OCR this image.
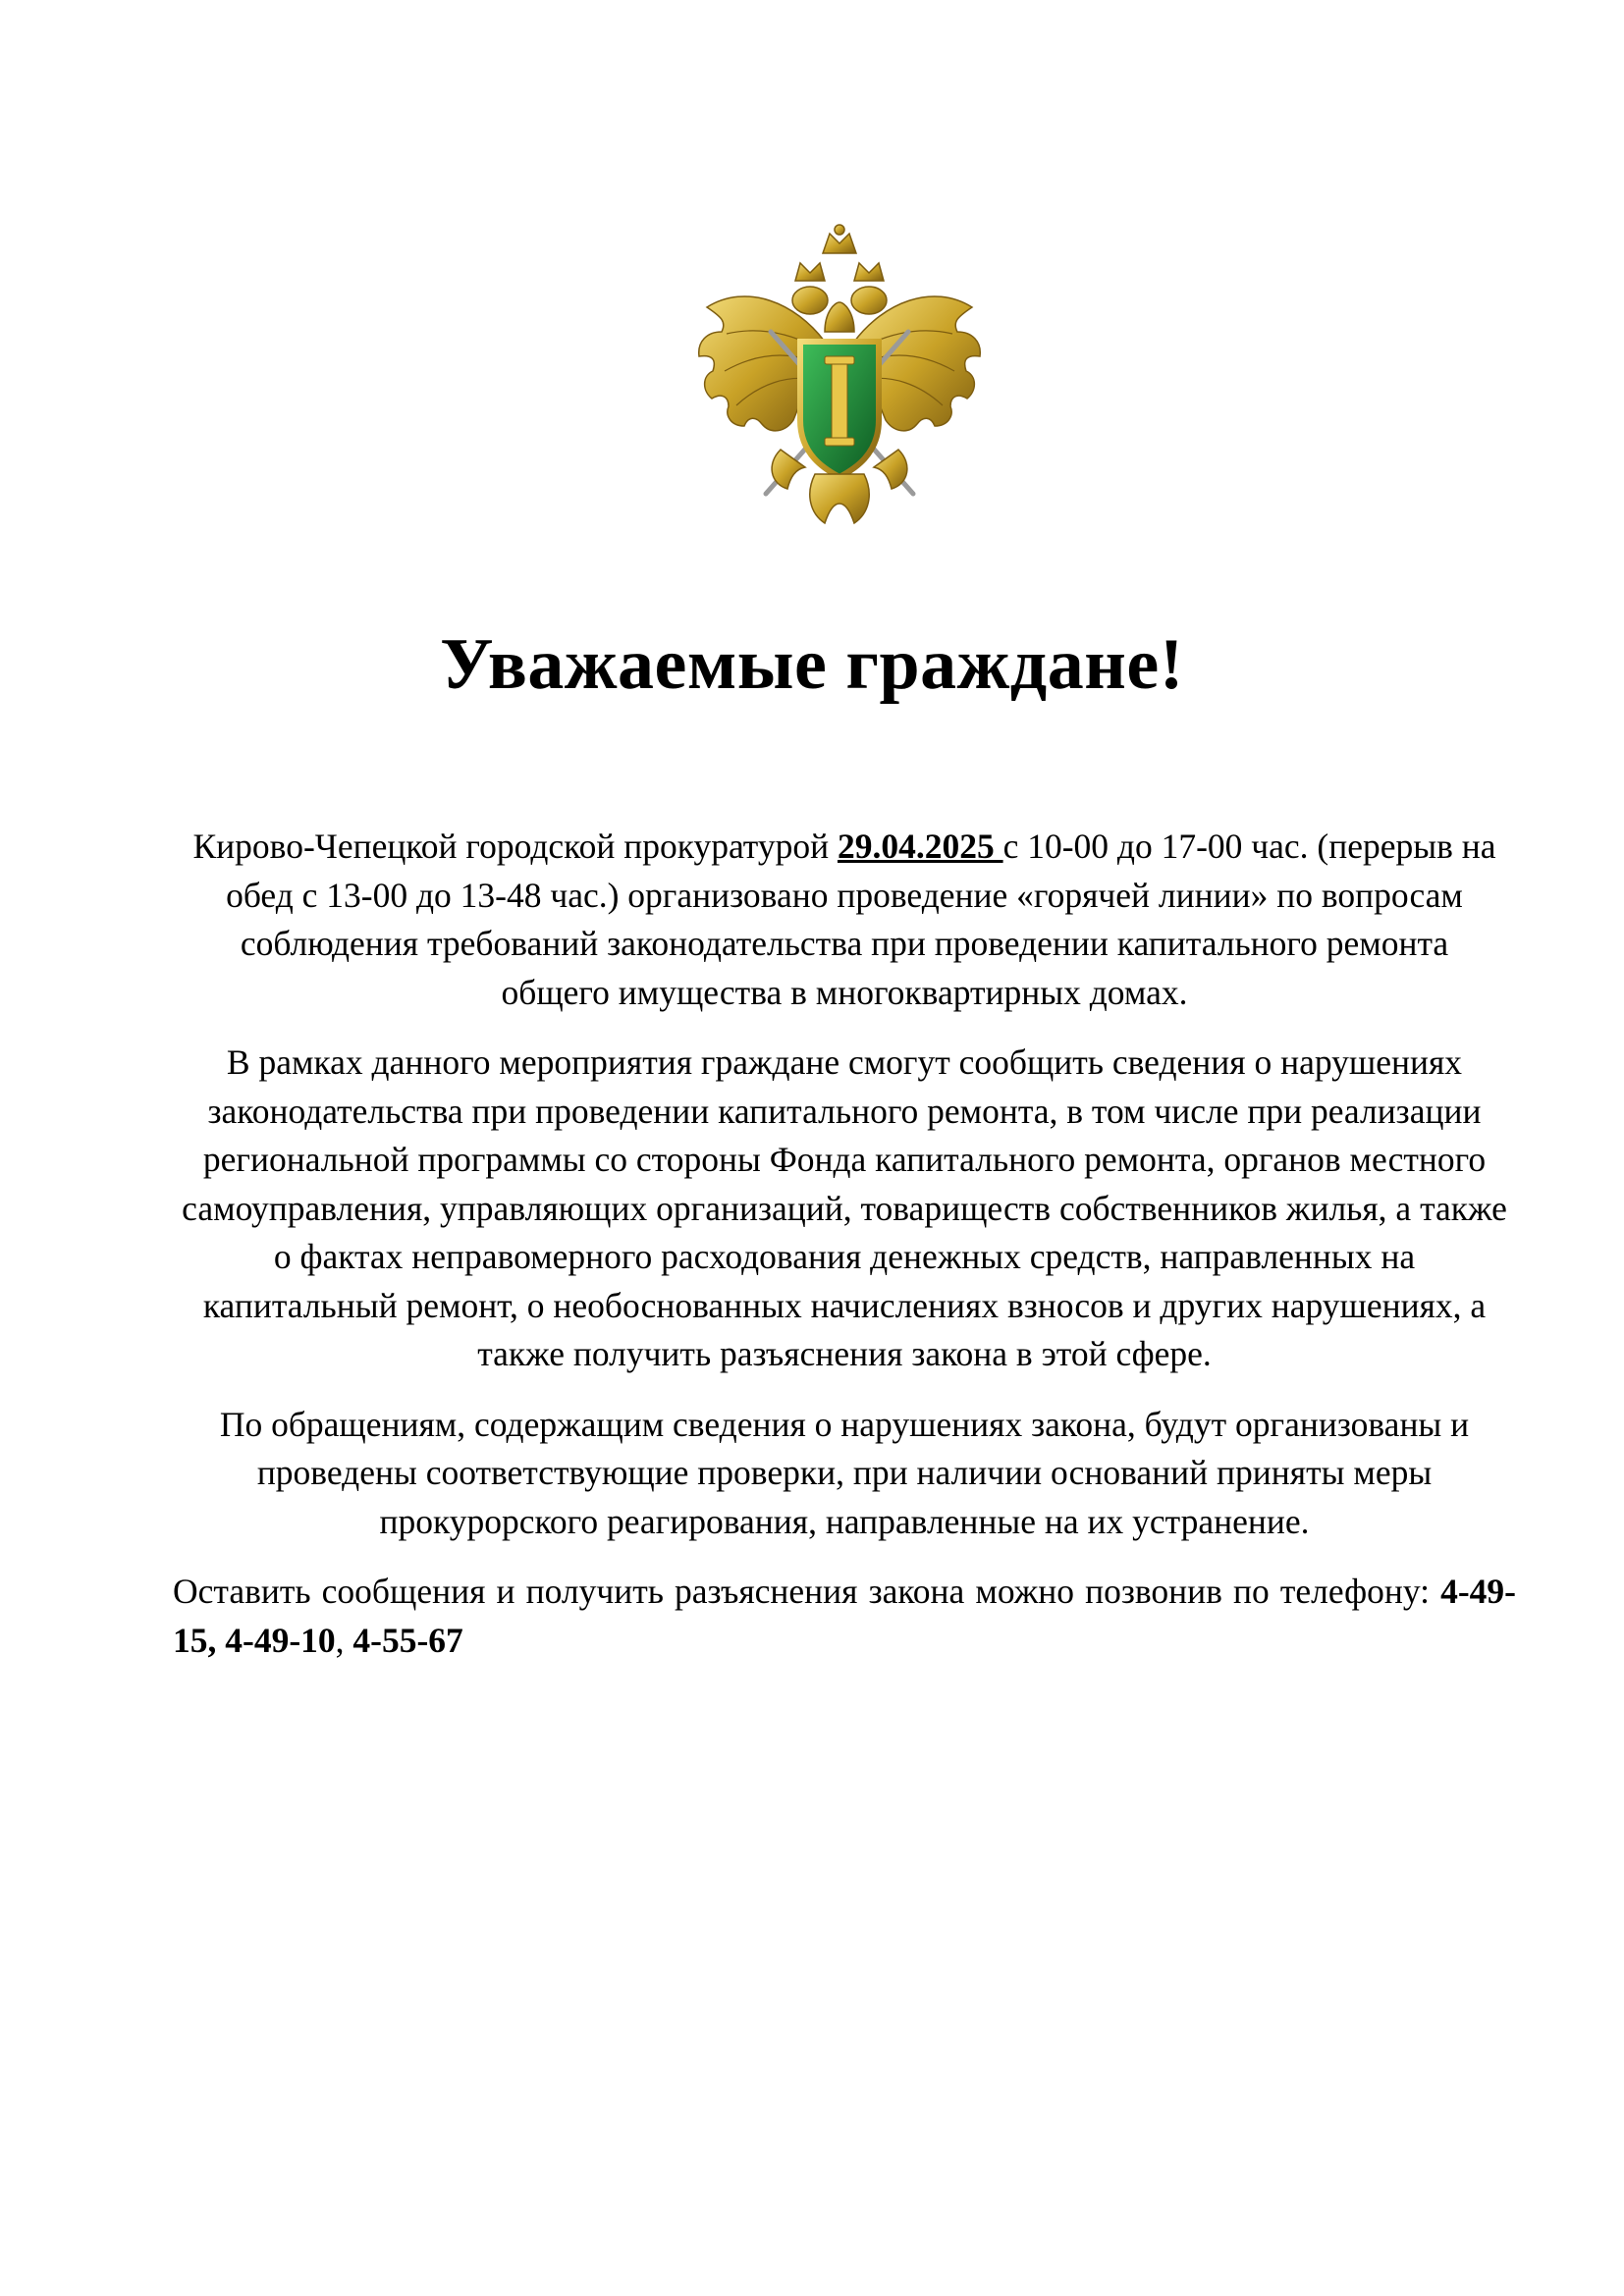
Уважаемые граждане!

Кирово-Чепецкой городской прокуратурой 29.04.2025 с 10-00 до 17-00 час. (перерыв на обед с 13-00 до 13-48 час.) организовано проведение «горячей линии» по вопросам соблюдения требований законодательства при проведении капитального ремонта общего имущества в многоквартирных домах.

В рамках данного мероприятия граждане смогут сообщить сведения о нарушениях законодательства при проведении капитального ремонта, в том числе при реализации региональной программы со стороны Фонда капитального ремонта, органов местного самоуправления, управляющих организаций, товариществ собственников жилья, а также о фактах неправомерного расходования денежных средств, направленных на капитальный ремонт, о необоснованных начислениях взносов и других нарушениях, а также получить разъяснения закона в этой сфере.

По обращениям, содержащим сведения о нарушениях закона, будут организованы и проведены соответствующие проверки, при наличии оснований приняты меры прокурорского реагирования, направленные на их устранение.

Оставить сообщения и получить разъяснения закона можно позвонив по телефону: 4-49-15, 4-49-10, 4-55-67
